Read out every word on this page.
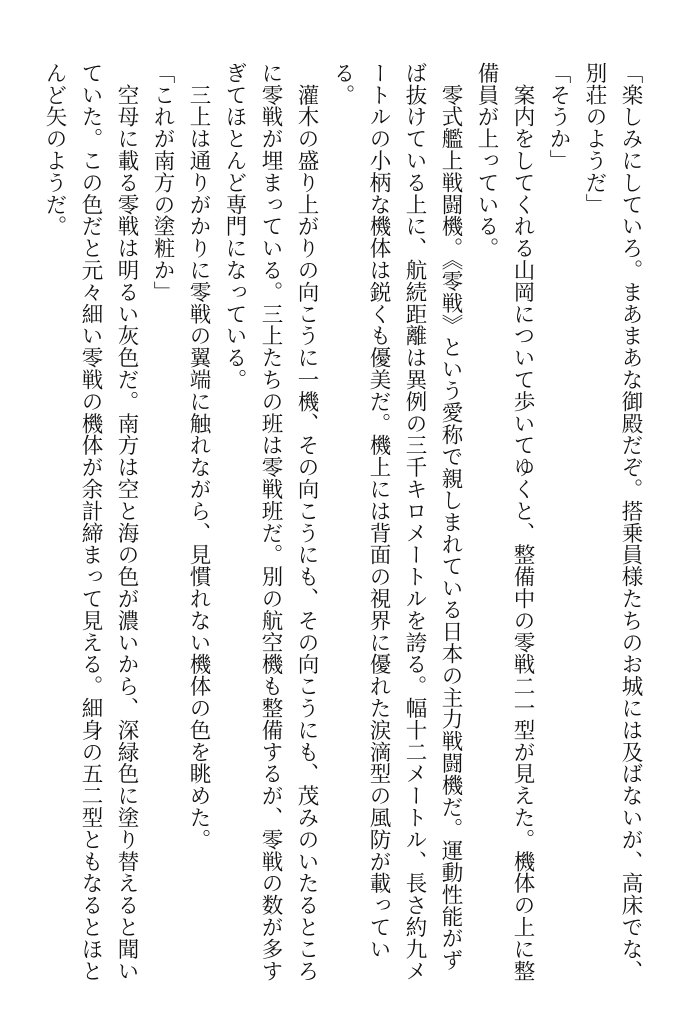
「楽しみにしていろ。まあまあな御殿だぞ。搭乗員様たちのお城には及ばないが、高床でな、
別荘のようだ」
「そうか」
　案内をしてくれる山岡について歩いてゆくと、整備中の零戦二一型が見えた。機体の上に整
備員が上っている。
　零式艦上戦闘機。《零戦》という愛称で親しまれている日本の主力戦闘機だ。運動性能がず
ば抜けている上に、航続距離は異例の三千キロメートルを誇る。幅十二メートル、長さ約九メ
ートルの小柄な機体は鋭くも優美だ。機上には背面の視界に優れた涙滴型の風防が載ってい
る。
　灌木の盛り上がりの向こうに一機、その向こうにも、その向こうにも、茂みのいたるところ
に零戦が埋まっている。三上たちの班は零戦班だ。別の航空機も整備するが、零戦の数が多す
ぎてほとんど専門になっている。
　三上は通りがかりに零戦の翼端に触れながら、見慣れない機体の色を眺めた。
「これが南方の塗粧か」
　空母に載る零戦は明るい灰色だ。南方は空と海の色が濃いから、深緑色に塗り替えると聞い
ていた。この色だと元々細い零戦の機体が余計締まって見える。細身の五二型ともなるとほと
んど矢のようだ。
